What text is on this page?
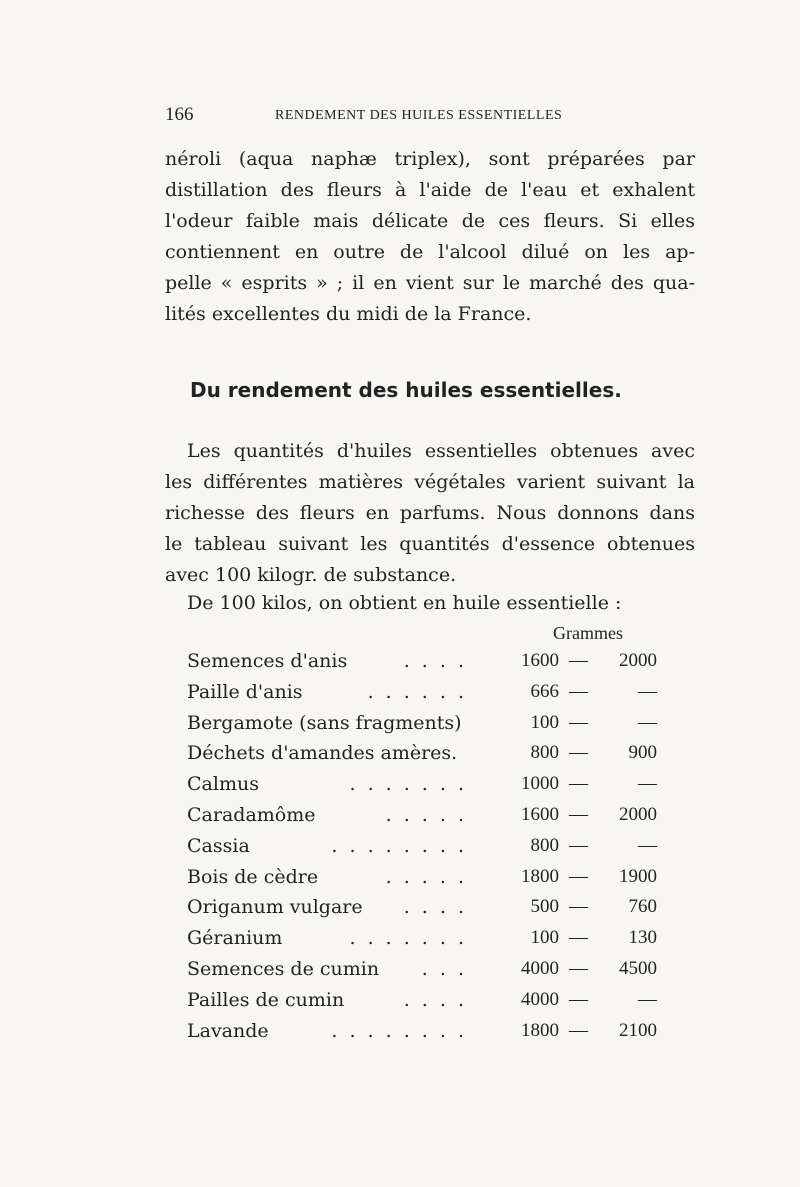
166	RENDEMENT DES HUILES ESSENTIELLES
néroli (aqua naphæ triplex), sont préparées par
distillation des fleurs à l'aide de l'eau et exhalent
l'odeur faible mais délicate de ces fleurs. Si elles
contiennent en outre de l'alcool dilué on les ap-
pelle « esprits » ; il en vient sur le marché des qua-
lités excellentes du midi de la France.
Du rendement des huiles essentielles.
Les quantités d'huiles essentielles obtenues avec
les différentes matières végétales varient suivant la
richesse des fleurs en parfums. Nous donnons dans
le tableau suivant les quantités d'essence obtenues
avec 100 kilogr. de substance.
De 100 kilos, on obtient en huile essentielle :
Grammes
Semences d'anis	. . . .	1600 —	2000
Paille d'anis	. . . . . .	666 —	—
Bergamote (sans fragments)	100 —	—
Déchets d'amandes amères.	800 —	900
Calmus	. . . . . . .	1000 —	—
Caradamôme	. . . . .	1600 —	2000
Cassia	. . . . . . . .	800 —	—
Bois de cèdre	. . . . .	1800 —	1900
Origanum vulgare	. . . .	500 —	760
Géranium	. . . . . . .	100 —	130
Semences de cumin	. . .	4000 —	4500
Pailles de cumin	. . . .	4000 —	—
Lavande	. . . . . . . .	1800 —	2100
